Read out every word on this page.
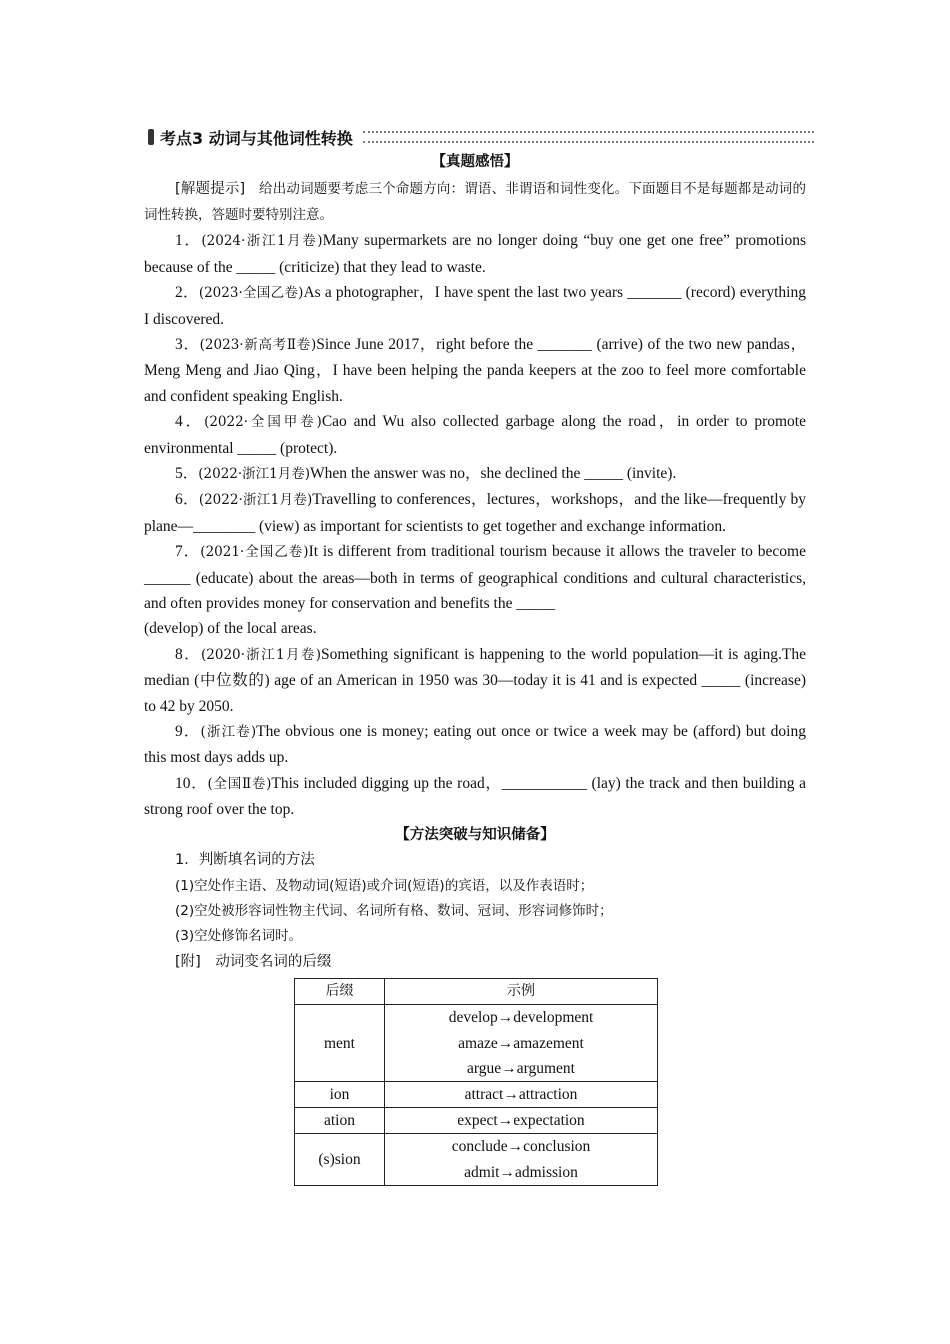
考点3 动词与其他词性转换
【真题感悟】

[解题提示]　给出动词题要考虑三个命题方向：谓语、非谓语和词性变化。下面题目不是每题都是动词的词性转换，答题时要特别注意。

1．(2024·浙江1月卷)Many supermarkets are no longer doing “buy one get one free” promotions because of the _____ (criticize) that they lead to waste.

2．(2023·全国乙卷)As a photographer，I have spent the last two years _______ (record) everything I discovered.

3．(2023·新高考Ⅱ卷)Since June 2017，right before the _______ (arrive) of the two new pandas，Meng Meng and Jiao Qing，I have been helping the panda keepers at the zoo to feel more comfortable and confident speaking English.

4．(2022·全国甲卷)Cao and Wu also collected garbage along the road，in order to promote environmental _____ (protect).

5．(2022·浙江1月卷)When the answer was no，she declined the _____ (invite).

6．(2022·浙江1月卷)Travelling to conferences，lectures，workshops，and the like—frequently by plane—________ (view) as important for scientists to get together and exchange information.

7．(2021·全国乙卷)It is different from traditional tourism because it allows the traveler to become ______ (educate) about the areas—both in terms of geographical conditions and cultural characteristics, and often provides money for conservation and benefits the _____

(develop) of the local areas.

8．(2020·浙江1月卷)Something significant is happening to the world population—it is aging.The median (中位数的) age of an American in 1950 was 30—today it is 41 and is expected _____ (increase) to 42 by 2050.

9．(浙江卷)The obvious one is money; eating out once or twice a week may be (afford) but doing this most days adds up.

10．(全国Ⅱ卷)This included digging up the road，___________ (lay) the track and then building a strong roof over the top.

【方法突破与知识储备】

1．判断填名词的方法

(1)空处作主语、及物动词(短语)或介词(短语)的宾语，以及作表语时；

(2)空处被形容词性物主代词、名词所有格、数词、冠词、形容词修饰时；

(3)空处修饰名词时。

[附]　动词变名词的后缀

后缀	示例
ment	develop→development
amaze→amazement
argue→argument

ion	attract→attraction

ation	expect→expectation

(s)sion	conclude→conclusion
admit→admission
